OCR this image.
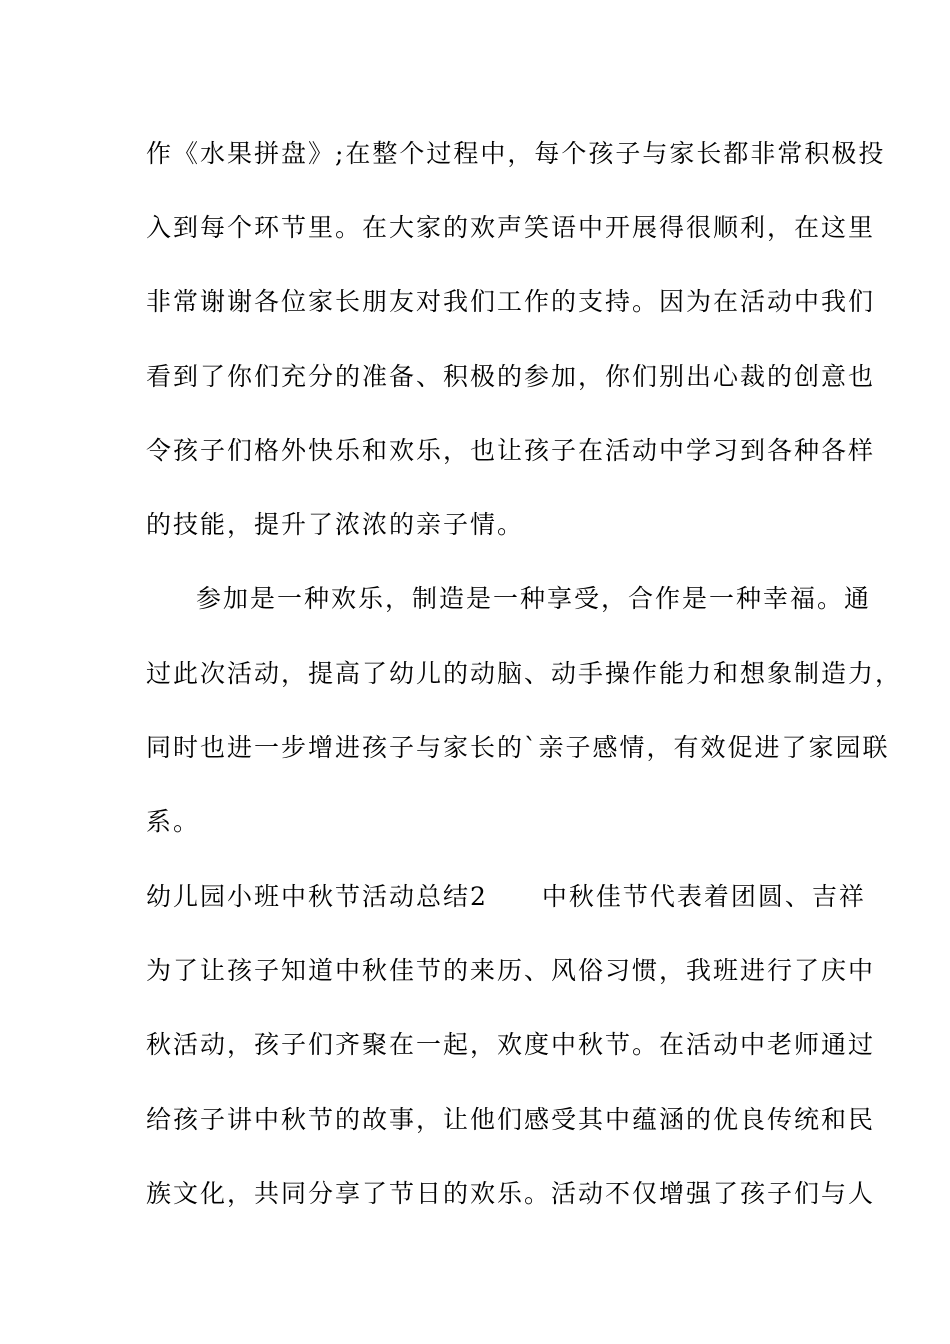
作《水果拼盘》;在整个过程中，每个孩子与家长都非常积极投
入到每个环节里。在大家的欢声笑语中开展得很顺利，在这里
非常谢谢各位家长朋友对我们工作的支持。因为在活动中我们
看到了你们充分的准备、积极的参加，你们别出心裁的创意也
令孩子们格外快乐和欢乐，也让孩子在活动中学习到各种各样
的技能，提升了浓浓的亲子情。
参加是一种欢乐，制造是一种享受，合作是一种幸福。通
过此次活动，提高了幼儿的动脑、动手操作能力和想象制造力，
同时也进一步增进孩子与家长的`亲子感情，有效促进了家园联
系。
幼儿园小班中秋节活动总结2　　中秋佳节代表着团圆、吉祥
为了让孩子知道中秋佳节的来历、风俗习惯，我班进行了庆中
秋活动，孩子们齐聚在一起，欢度中秋节。在活动中老师通过
给孩子讲中秋节的故事，让他们感受其中蕴涵的优良传统和民
族文化，共同分享了节日的欢乐。活动不仅增强了孩子们与人
